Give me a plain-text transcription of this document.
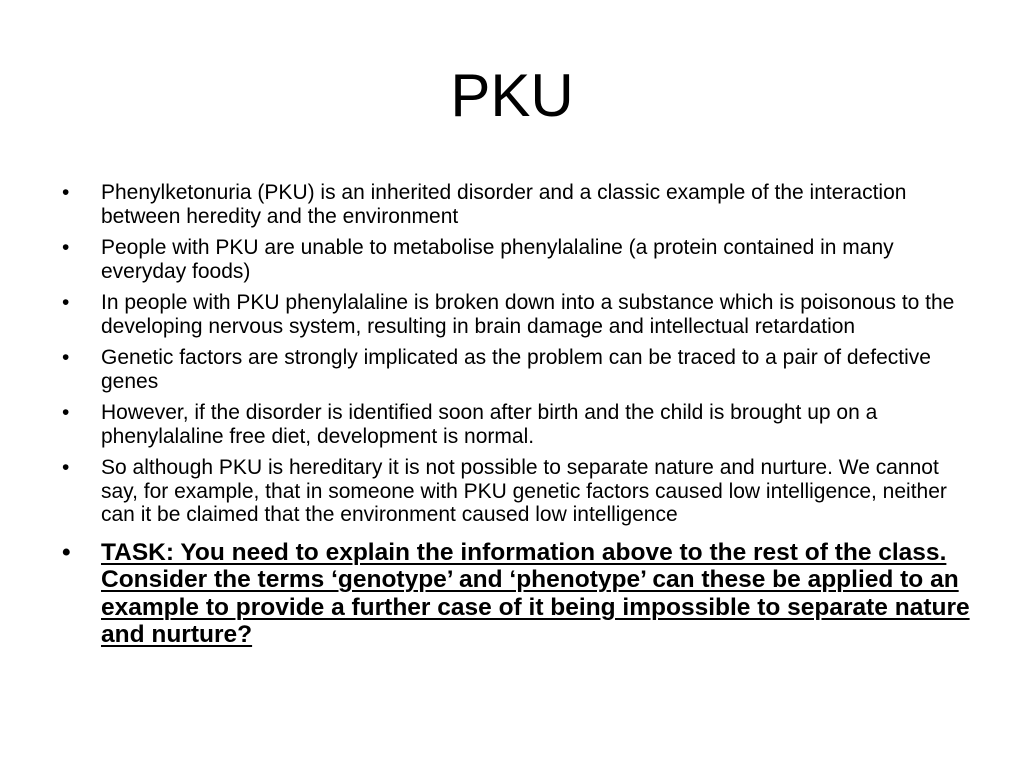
PKU
•	Phenylketonuria (PKU) is an inherited disorder and a classic example of the interaction between heredity and the environment
•	People with PKU are unable to metabolise phenylalaline (a protein contained in many everyday foods)
•	In people with PKU phenylalaline is broken down into a substance which is poisonous to the developing nervous system, resulting in brain damage and intellectual retardation
•	Genetic factors are strongly implicated as the problem can be traced to a pair of defective genes
•	However, if the disorder is identified soon after birth and the child is brought up on a phenylalaline free diet, development is normal.
•	So although PKU is hereditary it is not possible to separate nature and nurture. We cannot say, for example, that in someone with PKU genetic factors caused low intelligence, neither can it be claimed that the environment caused low intelligence
•	TASK: You need to explain the information above to the rest of the class. Consider the terms ‘genotype’ and ‘phenotype’ can these be applied to an example to provide a further case of it being impossible to separate nature and nurture?
